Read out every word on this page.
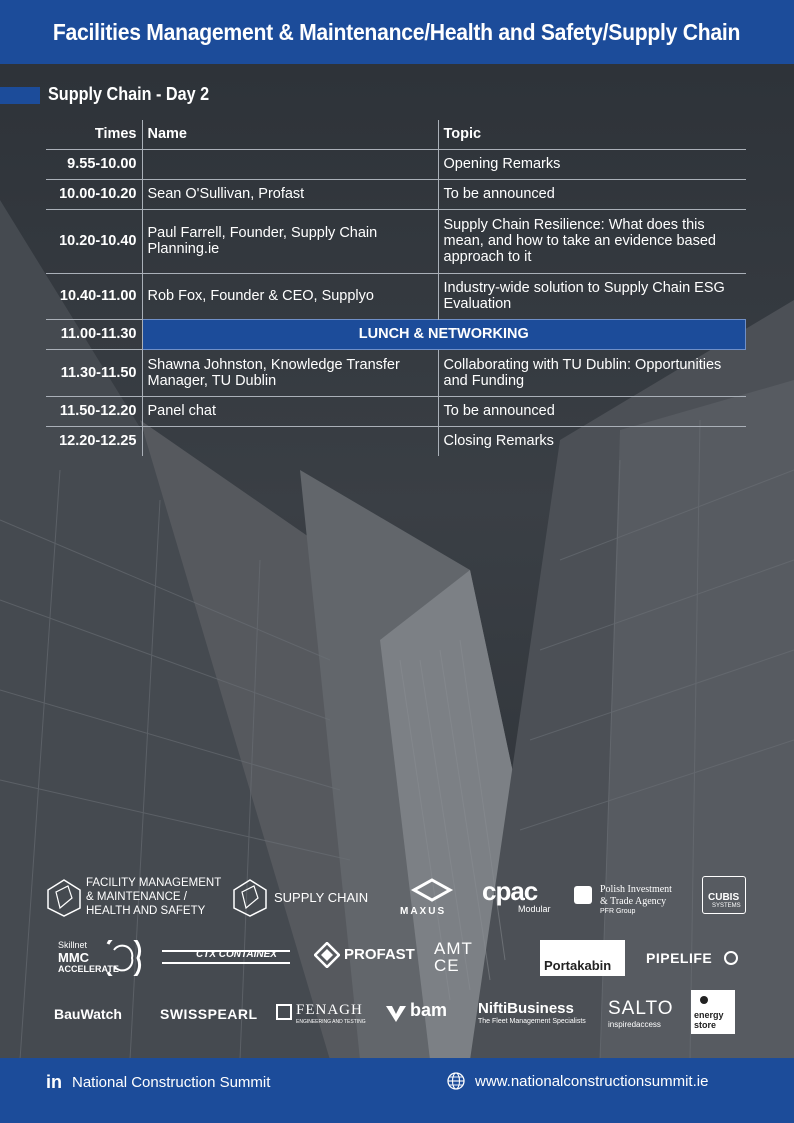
Facilities Management & Maintenance/Health and Safety/Supply Chain
Supply Chain - Day 2
Times	Name	Topic
9.55-10.00		Opening Remarks
10.00-10.20	Sean O'Sullivan, Profast	To be announced
10.20-10.40	Paul Farrell, Founder, Supply Chain Planning.ie	Supply Chain Resilience: What does this mean, and how to take an evidence based approach to it
10.40-11.00	Rob Fox, Founder & CEO, Supplyo	Industry-wide solution to Supply Chain ESG Evaluation
11.00-11.30	LUNCH & NETWORKING	
11.30-11.50	Shawna Johnston, Knowledge Transfer Manager, TU Dublin	Collaborating with TU Dublin: Opportunities and Funding
11.50-12.20	Panel chat	To be announced
12.20-12.25		Closing Remarks
FACILITY MANAGEMENT
& MAINTENANCE /
HEALTH AND SAFETY
SUPPLY CHAIN
MAXUS
cpac
Modular
Polish Investment
& Trade Agency
PFR Group
CUBIS
SYSTEMS
Skillnet
MMC
ACCELERATE
CTX CONTAINEX	PROFAST AMT
CE	Portakabin PIPELIFE
BauWatch	SWISSPEARL	FENAGH
ENGINEERING AND TESTING
bam NiftiBusiness
The Fleet Management Specialists
SALTO
inspiredaccess
energy
store
in National Construction Summit	www.nationalconstructionsummit.ie
